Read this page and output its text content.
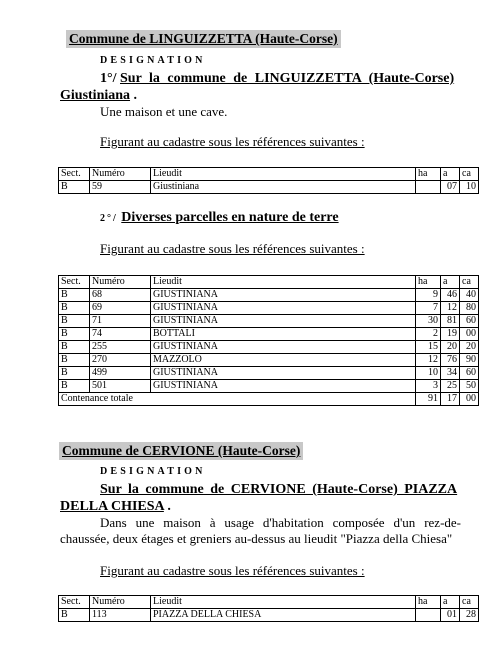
Commune de LINGUIZZETTA (Haute-Corse)
DESIGNATION
1°/ Sur la commune de LINGUIZZETTA (Haute-Corse)
Giustiniana .
Une maison et une cave.
Figurant au cadastre sous les références suivantes :
Sect.	Numéro	Lieudit	ha	a	ca
B	59	Giustiniana		07	10
2°/ Diverses parcelles en nature de terre
Figurant au cadastre sous les références suivantes :
Sect.	Numéro	Lieudit	ha	a	ca
B	68	GIUSTINIANA	9	46	40
B	69	GIUSTINIANA	7	12	80
B	71	GIUSTINIANA	30	81	60
B	74	BOTTALI	2	19	00
B	255	GIUSTINIANA	15	20	20
B	270	MAZZOLO	12	76	90
B	499	GIUSTINIANA	10	34	60
B	501	GIUSTINIANA	3	25	50
Contenance totale			91	17	00
Commune de CERVIONE (Haute-Corse)
DESIGNATION
Sur la commune de CERVIONE (Haute-Corse) PIAZZA
DELLA CHIESA .
Dans une maison à usage d'habitation composée d'un rez-de-chaussée, deux étages et greniers au-dessus au lieudit "Piazza della Chiesa"
Figurant au cadastre sous les références suivantes :
Sect.	Numéro	Lieudit	ha	a	ca
B	113	PIAZZA DELLA CHIESA		01	28
